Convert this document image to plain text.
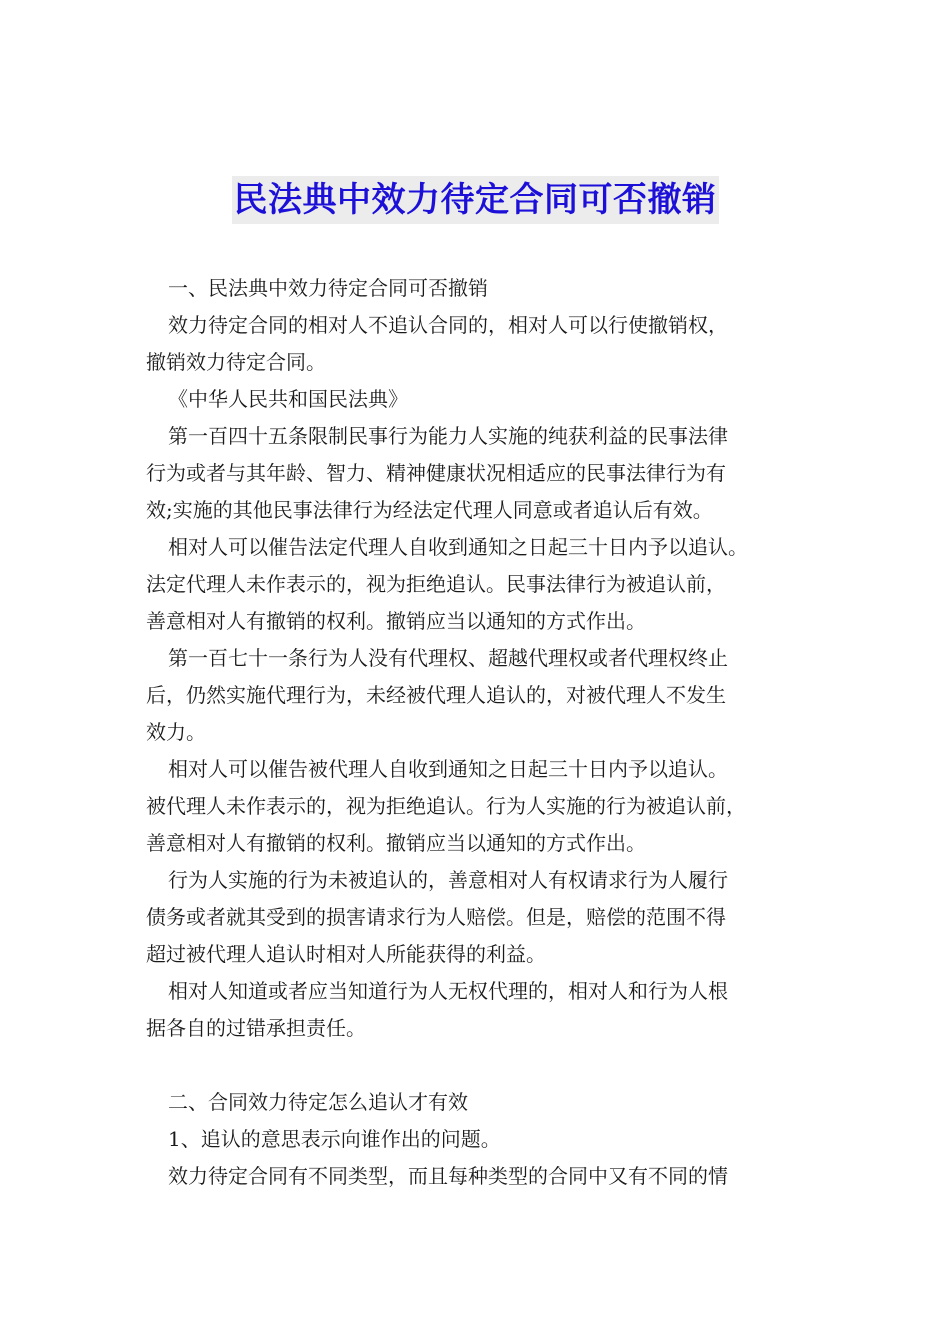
民法典中效力待定合同可否撤销
一、民法典中效力待定合同可否撤销
效力待定合同的相对人不追认合同的，相对人可以行使撤销权，
撤销效力待定合同。
《中华人民共和国民法典》
第一百四十五条限制民事行为能力人实施的纯获利益的民事法律
行为或者与其年龄、智力、精神健康状况相适应的民事法律行为有
效;实施的其他民事法律行为经法定代理人同意或者追认后有效。
相对人可以催告法定代理人自收到通知之日起三十日内予以追认。
法定代理人未作表示的，视为拒绝追认。民事法律行为被追认前，
善意相对人有撤销的权利。撤销应当以通知的方式作出。
第一百七十一条行为人没有代理权、超越代理权或者代理权终止
后，仍然实施代理行为，未经被代理人追认的，对被代理人不发生
效力。
相对人可以催告被代理人自收到通知之日起三十日内予以追认。
被代理人未作表示的，视为拒绝追认。行为人实施的行为被追认前，
善意相对人有撤销的权利。撤销应当以通知的方式作出。
行为人实施的行为未被追认的，善意相对人有权请求行为人履行
债务或者就其受到的损害请求行为人赔偿。但是，赔偿的范围不得
超过被代理人追认时相对人所能获得的利益。
相对人知道或者应当知道行为人无权代理的，相对人和行为人根
据各自的过错承担责任。
二、合同效力待定怎么追认才有效
1、追认的意思表示向谁作出的问题。
效力待定合同有不同类型，而且每种类型的合同中又有不同的情
